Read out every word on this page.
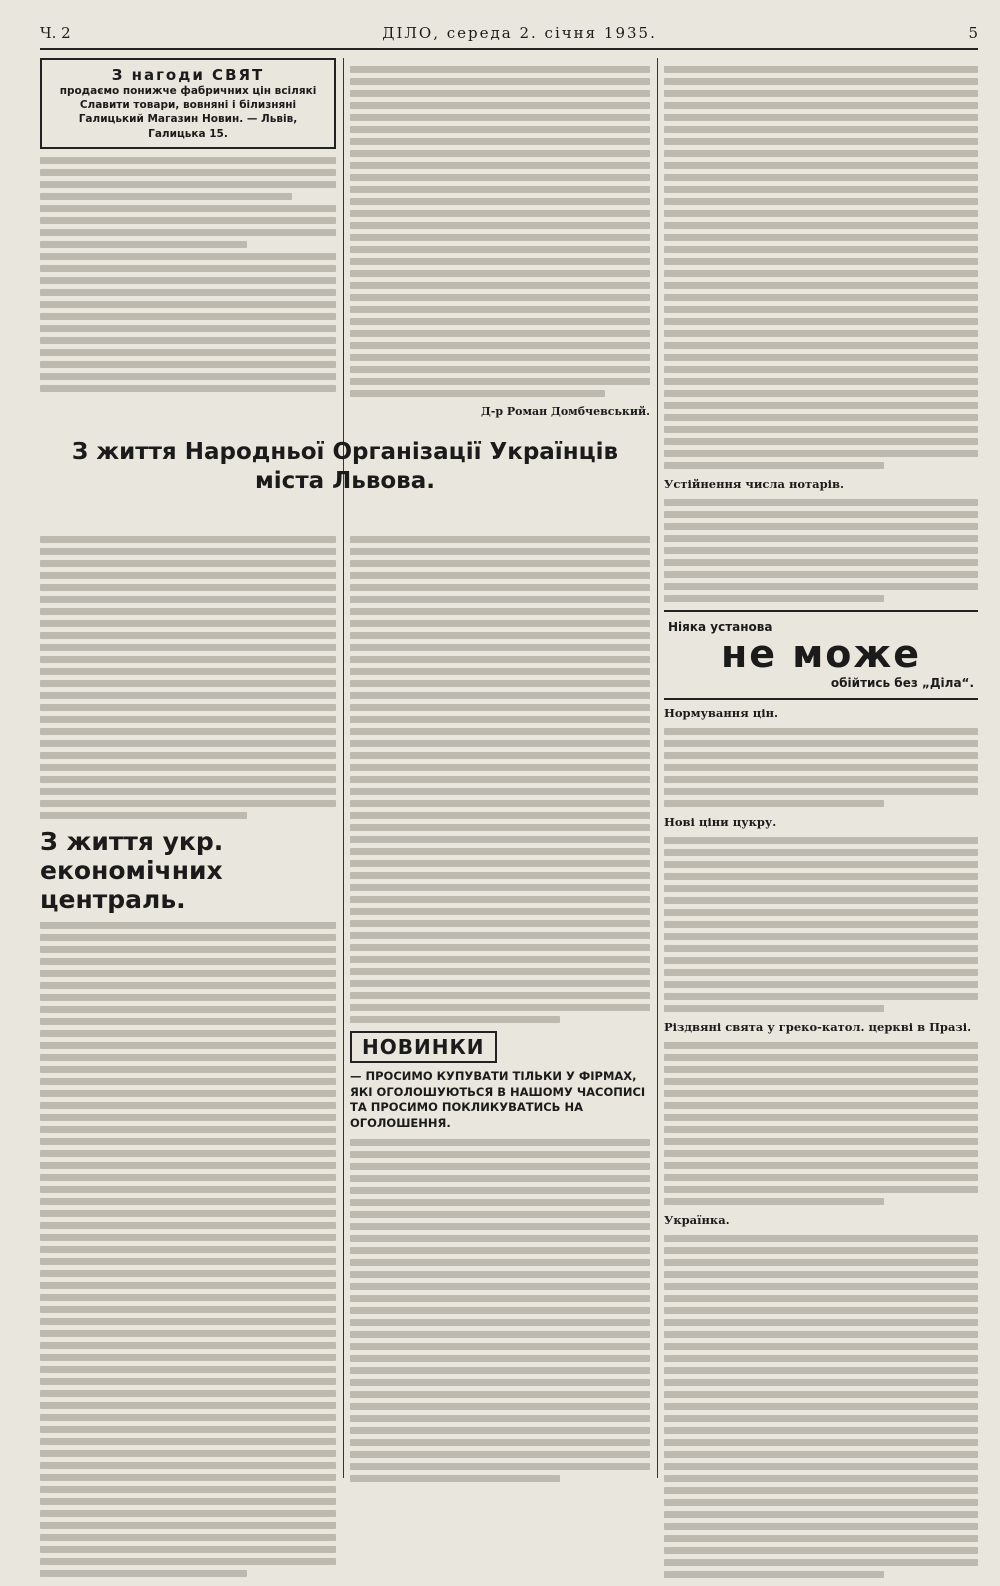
Ч. 2	ДІЛО, середа 2. січня 1935.	5
З нагоди СВЯТ
продаємо понижче фабричних цін всілякі Славити товари, вовняні і білизняні Галицький Магазин Новин. — Львів, Галицька 15.
Д-р Роман Домбчевський.
З життя Народньої Організації Українців міста Львова.
З життя укр. економічних централь.
НОВИНКИ
— ПРОСИМО КУПУВАТИ ТІЛЬКИ У ФІРМАХ, ЯКІ ОГОЛОШУЮТЬСЯ В НАШОМУ ЧАСОПИСІ ТА ПРОСИМО ПОКЛИКУВАТИСЬ НА ОГОЛОШЕННЯ.
Устійнення числа нотарів.
Ніяка установа
не може
обійтись без „Діла“.
Нормування цін.
Нові ціни цукру.
Різдвяні свята у греко-катол. церкві в Празі.
Українка.
